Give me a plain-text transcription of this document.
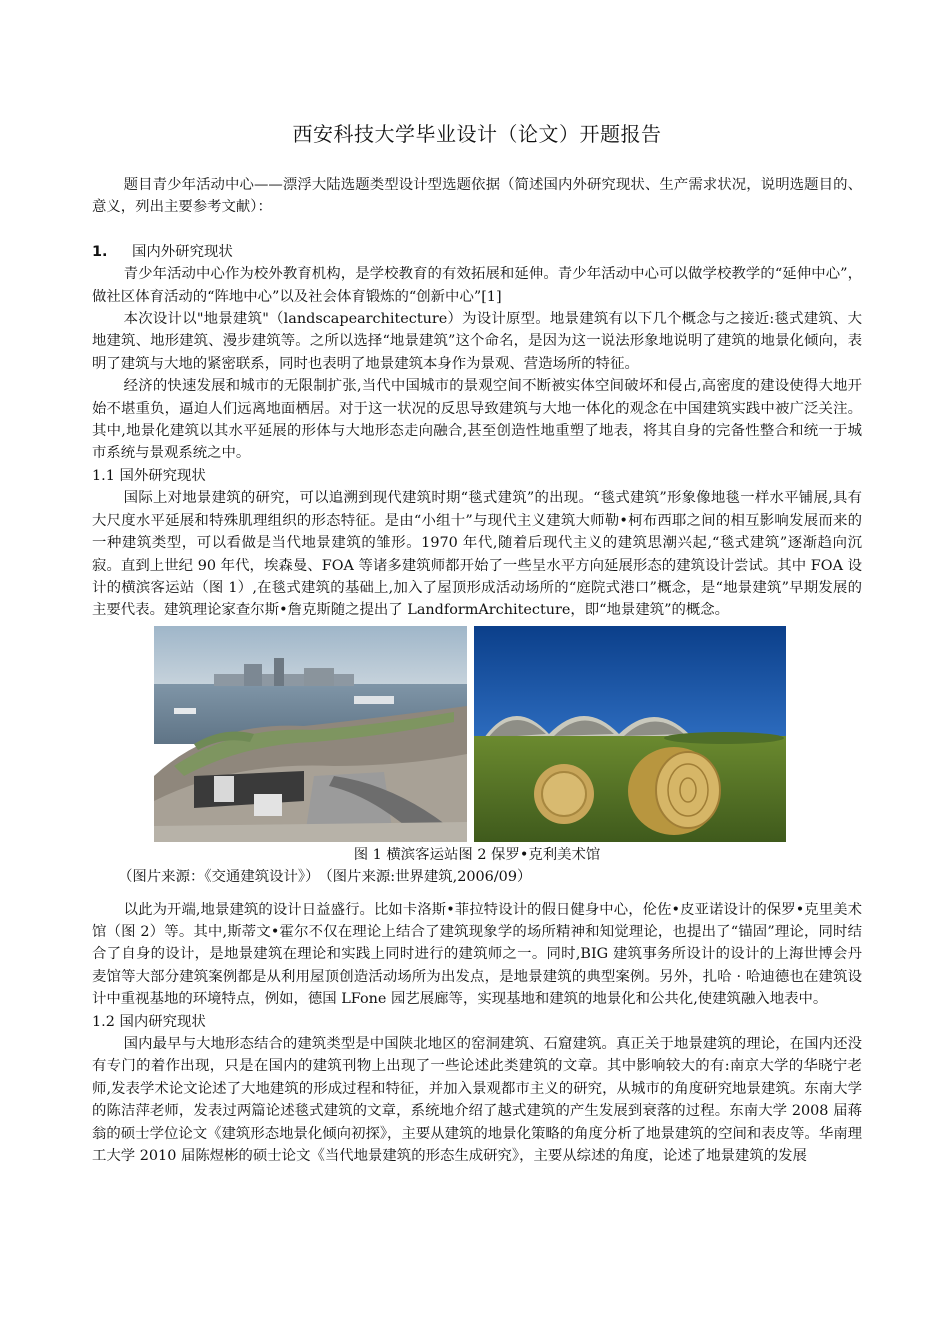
西安科技大学毕业设计（论文）开题报告

题目青少年活动中心——漂浮大陆选题类型设计型选题依据（简述国内外研究现状、生产需求状况，说明选题目的、意义，列出主要参考文献）：

1. 国内外研究现状

青少年活动中心作为校外教育机构，是学校教育的有效拓展和延伸。青少年活动中心可以做学校教学的“延伸中心”，做社区体育活动的“阵地中心”以及社会体育锻炼的“创新中心”[1]

本次设计以"地景建筑"（landscapearchitecture）为设计原型。地景建筑有以下几个概念与之接近:毯式建筑、大地建筑、地形建筑、漫步建筑等。之所以选择“地景建筑”这个命名，是因为这一说法形象地说明了建筑的地景化倾向，表明了建筑与大地的紧密联系，同时也表明了地景建筑本身作为景观、营造场所的特征。

经济的快速发展和城市的无限制扩张,当代中国城市的景观空间不断被实体空间破坏和侵占,高密度的建设使得大地开始不堪重负，逼迫人们远离地面栖居。对于这一状况的反思导致建筑与大地一体化的观念在中国建筑实践中被广泛关注。其中,地景化建筑以其水平延展的形体与大地形态走向融合,甚至创造性地重塑了地表，将其自身的完备性整合和统一于城市系统与景观系统之中。

1.1 国外研究现状

国际上对地景建筑的研究，可以追溯到现代建筑时期“毯式建筑”的出现。“毯式建筑”形象像地毯一样水平铺展,具有大尺度水平延展和特殊肌理组织的形态特征。是由“小组十”与现代主义建筑大师勒•柯布西耶之间的相互影响发展而来的一种建筑类型，可以看做是当代地景建筑的雏形。1970 年代,随着后现代主义的建筑思潮兴起,“毯式建筑”逐渐趋向沉寂。直到上世纪 90 年代，埃森曼、FOA 等诸多建筑师都开始了一些呈水平方向延展形态的建筑设计尝试。其中 FOA 设计的横滨客运站（图 1）,在毯式建筑的基础上,加入了屋顶形成活动场所的“庭院式港口”概念，是“地景建筑”早期发展的主要代表。建筑理论家查尔斯•詹克斯随之提出了 LandformArchitecture，即“地景建筑”的概念。

图 1 横滨客运站图 2 保罗•克利美术馆

（图片来源：《交通建筑设计》） （图片来源:世界建筑,2006/09）

以此为开端,地景建筑的设计日益盛行。比如卡洛斯•菲拉特设计的假日健身中心，伦佐•皮亚诺设计的保罗•克里美术馆（图 2）等。其中,斯蒂文•霍尔不仅在理论上结合了建筑现象学的场所精神和知觉理论，也提出了“锚固”理论，同时结合了自身的设计，是地景建筑在理论和实践上同时进行的建筑师之一。同时,BIG 建筑事务所设计的设计的上海世博会丹麦馆等大部分建筑案例都是从利用屋顶创造活动场所为出发点，是地景建筑的典型案例。另外，扎哈 · 哈迪德也在建筑设计中重视基地的环境特点，例如，德国 LFone 园艺展廊等，实现基地和建筑的地景化和公共化,使建筑融入地表中。

1.2 国内研究现状

国内最早与大地形态结合的建筑类型是中国陕北地区的窑洞建筑、石窟建筑。真正关于地景建筑的理论，在国内还没有专门的着作出现，只是在国内的建筑刊物上出现了一些论述此类建筑的文章。其中影响较大的有:南京大学的华晓宁老师,发表学术论文论述了大地建筑的形成过程和特征，并加入景观都市主义的研究，从城市的角度研究地景建筑。东南大学的陈洁萍老师，发表过两篇论述毯式建筑的文章，系统地介绍了越式建筑的产生发展到衰落的过程。东南大学 2008 届蒋翁的硕士学位论文《建筑形态地景化倾向初探》，主要从建筑的地景化策略的角度分析了地景建筑的空间和表皮等。华南理工大学 2010 届陈煜彬的硕士论文《当代地景建筑的形态生成研究》，主要从综述的角度，论述了地景建筑的发展
